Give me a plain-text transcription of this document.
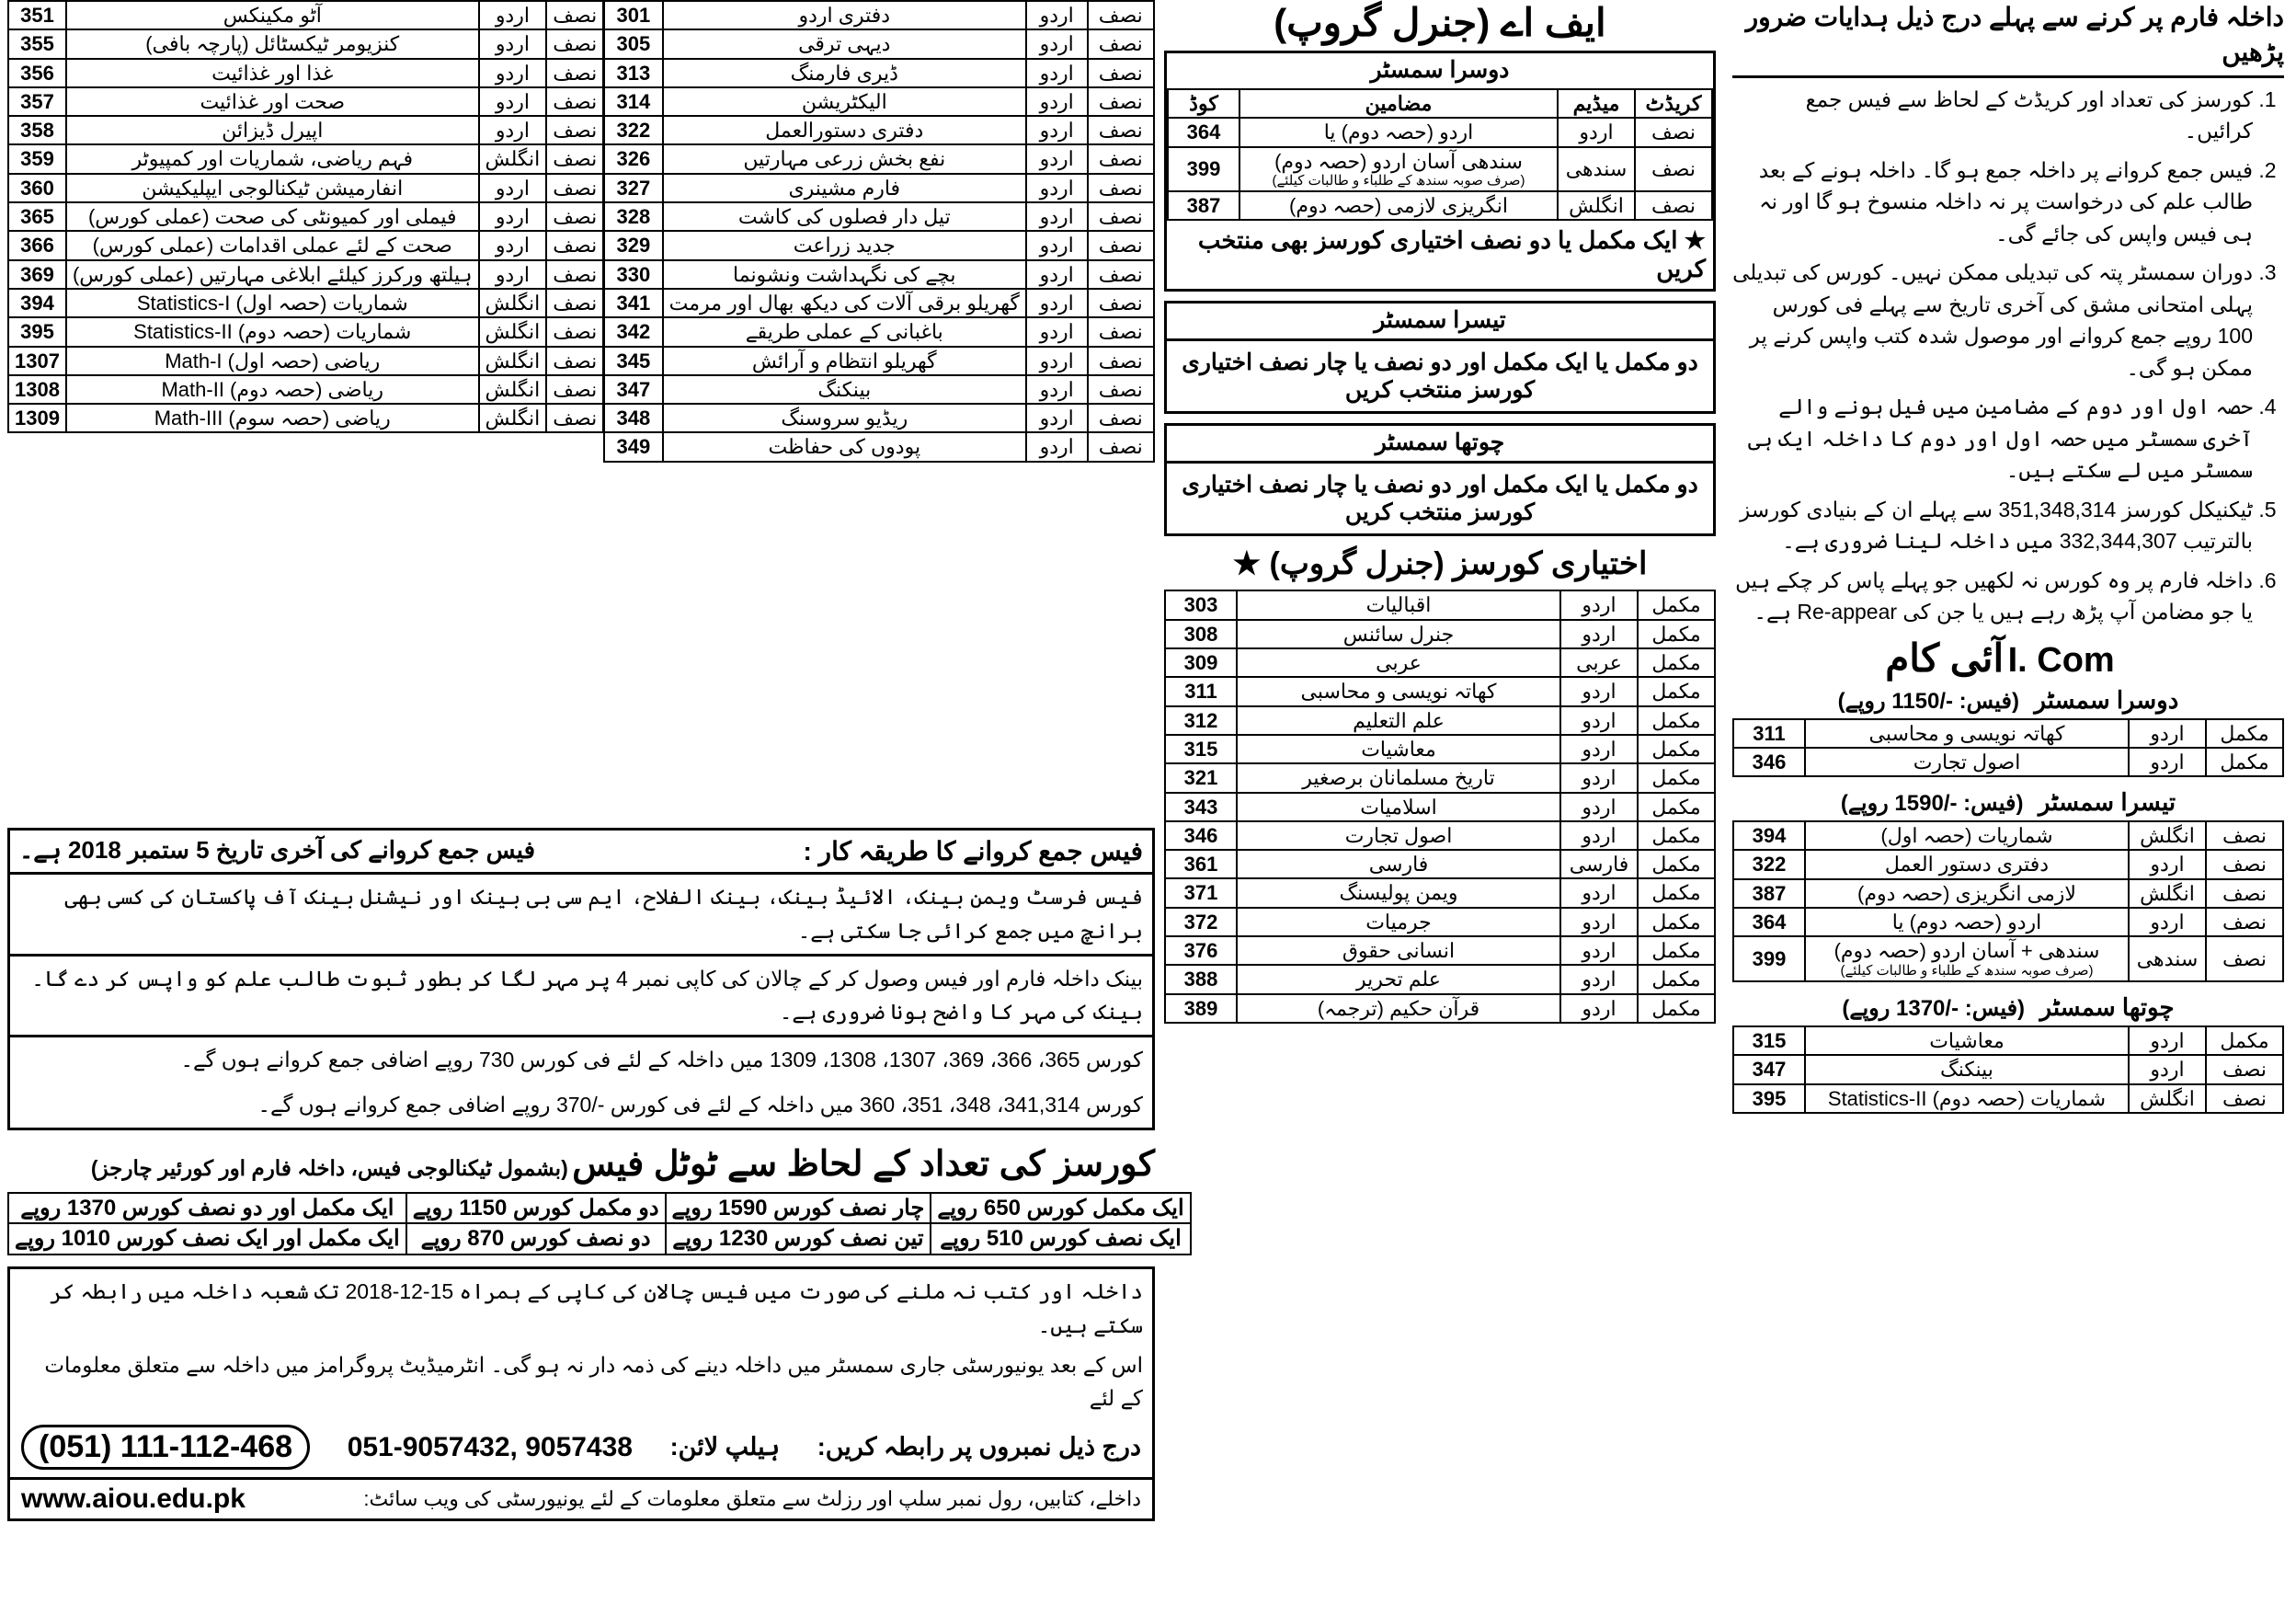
نصف	اردو	آٹو مکینکس	351
نصف	اردو	کنزیومر ٹیکسٹائل (پارچہ بافی)	355
نصف	اردو	غذا اور غذائیت	356
نصف	اردو	صحت اور غذائیت	357
نصف	اردو	اپیرل ڈیزائن	358
نصف	انگلش	فہم ریاضی، شماریات اور کمپیوٹر	359
نصف	اردو	انفارمیشن ٹیکنالوجی ایپلیکیشن	360
نصف	اردو	فیملی اور کمیونٹی کی صحت (عملی کورس)	365
نصف	اردو	صحت کے لئے عملی اقدامات (عملی کورس)	366
نصف	اردو	ہیلتھ ورکرز کیلئے ابلاغی مہارتیں (عملی کورس)	369
نصف	انگلش	شماریات (حصہ اول) Statistics-I	394
نصف	انگلش	شماریات (حصہ دوم) Statistics-II	395
نصف	انگلش	ریاضی (حصہ اول) Math-I	1307
نصف	انگلش	ریاضی (حصہ دوم) Math-II	1308
نصف	انگلش	ریاضی (حصہ سوم) Math-III	1309
نصف	اردو	دفتری اردو	301
نصف	اردو	دیہی ترقی	305
نصف	اردو	ڈیری فارمنگ	313
نصف	اردو	الیکٹریشن	314
نصف	اردو	دفتری دستورالعمل	322
نصف	اردو	نفع بخش زرعی مہارتیں	326
نصف	اردو	فارم مشینری	327
نصف	اردو	تیل دار فصلوں کی کاشت	328
نصف	اردو	جدید زراعت	329
نصف	اردو	بچے کی نگہداشت ونشونما	330
نصف	اردو	گھریلو برقی آلات کی دیکھ بھال اور مرمت	341
نصف	اردو	باغبانی کے عملی طریقے	342
نصف	اردو	گھریلو انتظام و آرائش	345
نصف	اردو	بینکنگ	347
نصف	اردو	ریڈیو سروسنگ	348
نصف	اردو	پودوں کی حفاظت	349
فیس جمع کروانے کی آخری تاریخ 5 ستمبر 2018 ہے۔	فیس جمع کروانے کا طریقہ کار :
فیس فرسٹ ویمن بینک، الائیڈ بینک، بینک الفلاح، ایم سی بی بینک اور نیشنل بینک آف پاکستان کی کسی بھی برانچ میں جمع کرائی جا سکتی ہے۔
بینک داخلہ فارم اور فیس وصول کر کے چالان کی کاپی نمبر 4 پر مہر لگا کر بطور ثبوت طالب علم کو واپس کر دے گا۔ بینک کی مہر کا واضح ہونا ضروری ہے۔
کورس 365، 366، 369، 1307، 1308، 1309 میں داخلہ کے لئے فی کورس 730 روپے اضافی جمع کروانے ہوں گے۔
کورس 341,314، 348، 351، 360 میں داخلہ کے لئے فی کورس -/370 روپے اضافی جمع کروانے ہوں گے۔
کورسز کی تعداد کے لحاظ سے ٹوٹل فیس (بشمول ٹیکنالوجی فیس، داخلہ فارم اور کورئیر چارجز)
ایک مکمل کورس 650 روپے	چار نصف کورس 1590 روپے	دو مکمل کورس 1150 روپے	ایک مکمل اور دو نصف کورس 1370 روپے
ایک نصف کورس 510 روپے	تین نصف کورس 1230 روپے	دو نصف کورس 870 روپے	ایک مکمل اور ایک نصف کورس 1010 روپے
داخلہ اور کتب نہ ملنے کی صورت میں فیس چالان کی کاپی کے ہمراہ 15-12-2018 تک شعبہ داخلہ میں رابطہ کر سکتے ہیں۔
اس کے بعد یونیورسٹی جاری سمسٹر میں داخلہ دینے کی ذمہ دار نہ ہو گی۔ انٹرمیڈیٹ پروگرامز میں داخلہ سے متعلق معلومات کے لئے
(051) 111-112-468	051-9057432, 9057438 ہیلپ لائن: درج ذیل نمبروں پر رابطہ کریں:
www.aiou.edu.pk	داخلے، کتابیں، رول نمبر سلپ اور رزلٹ سے متعلق معلومات کے لئے یونیورسٹی کی ویب سائٹ:
ایف اے (جنرل گروپ)
دوسرا سمسٹر
کریڈٹ	میڈیم	مضامین	کوڈ
نصف	اردو	اردو (حصہ دوم) یا	364
نصف	سندھی	سندھی آسان اردو (حصہ دوم)
(صرف صوبہ سندھ کے طلباء و طالبات کیلئے)	399
نصف	انگلش	انگریزی لازمی (حصہ دوم)	387
★ ایک مکمل یا دو نصف اختیاری کورسز بھی منتخب کریں
تیسرا سمسٹر
دو مکمل یا ایک مکمل اور دو نصف یا چار نصف اختیاری کورسز منتخب کریں
چوتھا سمسٹر
دو مکمل یا ایک مکمل اور دو نصف یا چار نصف اختیاری کورسز منتخب کریں
★ اختیاری کورسز (جنرل گروپ)
مکمل	اردو	اقبالیات	303
مکمل	اردو	جنرل سائنس	308
مکمل	عربی	عربی	309
مکمل	اردو	کھاتہ نویسی و محاسبی	311
مکمل	اردو	علم التعلیم	312
مکمل	اردو	معاشیات	315
مکمل	اردو	تاریخ مسلمانان برصغیر	321
مکمل	اردو	اسلامیات	343
مکمل	اردو	اصول تجارت	346
مکمل	فارسی	فارسی	361
مکمل	اردو	ویمن پولیسنگ	371
مکمل	اردو	جرمیات	372
مکمل	اردو	انسانی حقوق	376
مکمل	اردو	علم تحریر	388
مکمل	اردو	قرآن حکیم (ترجمہ)	389
داخلہ فارم پر کرنے سے پہلے درج ذیل ہدایات ضرور پڑھیں
1. کورسز کی تعداد اور کریڈٹ کے لحاظ سے فیس جمع کرائیں۔
2. فیس جمع کروانے پر داخلہ جمع ہو گا۔ داخلہ ہونے کے بعد طالب علم کی درخواست پر نہ داخلہ منسوخ ہو گا اور نہ ہی فیس واپس کی جائے گی۔
3. دوران سمسٹر پتہ کی تبدیلی ممکن نہیں۔ کورس کی تبدیلی پہلی امتحانی مشق کی آخری تاریخ سے پہلے فی کورس 100 روپے جمع کروانے اور موصول شدہ کتب واپس کرنے پر ممکن ہو گی۔
4. حصہ اول اور دوم کے مضامین میں فیل ہونے والے آخری سمسٹر میں حصہ اول اور دوم کا داخلہ ایک ہی سمسٹر میں لے سکتے ہیں۔
5. ٹیکنیکل کورسز 351,348,314 سے پہلے ان کے بنیادی کورسز بالترتیب 332,344,307 میں داخلہ لینا ضروری ہے۔
6. داخلہ فارم پر وہ کورس نہ لکھیں جو پہلے پاس کر چکے ہیں یا جو مضامن آپ پڑھ رہے ہیں یا جن کی Re-appear ہے۔
آئی کام I. Com
دوسرا سمسٹر (فیس: -/1150 روپے)
مکمل	اردو	کھاتہ نویسی و محاسبی	311
مکمل	اردو	اصول تجارت	346
تیسرا سمسٹر (فیس: -/1590 روپے)
نصف	انگلش	شماریات (حصہ اول)	394
نصف	اردو	دفتری دستور العمل	322
نصف	انگلش	لازمی انگریزی (حصہ دوم)	387
نصف	اردو	اردو (حصہ دوم) یا	364
نصف	سندھی	سندھی + آسان اردو (حصہ دوم)
(صرف صوبہ سندھ کے طلباء و طالبات کیلئے)	399
چوتھا سمسٹر (فیس: -/1370 روپے)
مکمل	اردو	معاشیات	315
نصف	اردو	بینکنگ	347
نصف	انگلش	شماریات (حصہ دوم) Statistics-II	395
